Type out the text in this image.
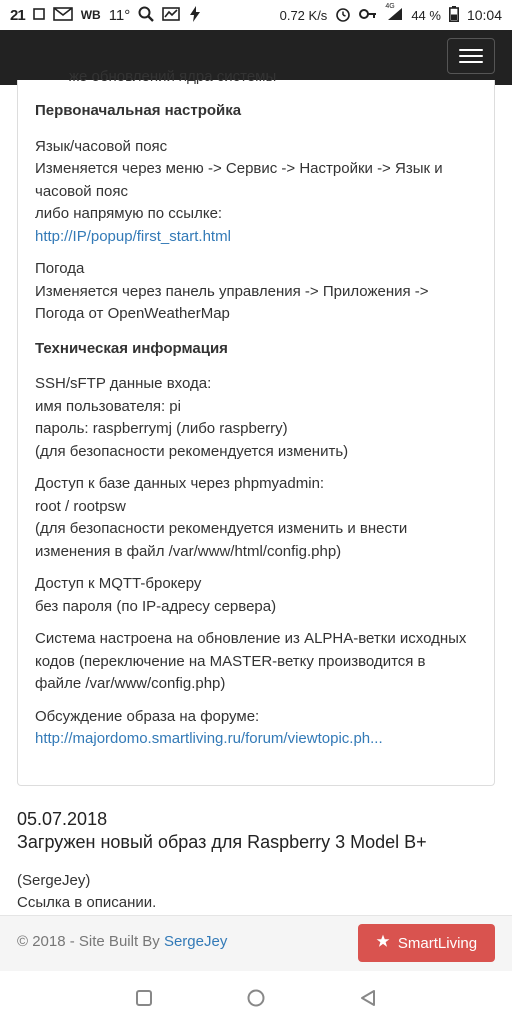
21	WB 11°	0.72 K/s
4G
44 % 10:04
же обновлений ядра системы
Первоначальная настройка
Язык/часовой пояс
Изменяется через меню -> Сервис -> Настройки -> Язык и часовой пояс
либо напрямую по ссылке:
http://IP/popup/first_start.html
Погода
Изменяется через панель управления -> Приложения -> Погода от OpenWeatherMap
Техническая информация
SSH/sFTP данные входа:
имя пользователя: pi
пароль: raspberrymj (либо raspberry)
(для безопасности рекомендуется изменить)
Доступ к базе данных через phpmyadmin:
root / rootpsw
(для безопасности рекомендуется изменить и внести изменения в файл /var/www/html/config.php)
Доступ к MQTT-брокеру
без пароля (по IP-адресу сервера)
Система настроена на обновление из ALPHA-ветки исходных кодов (переключение на MASTER-ветку производится в файле /var/www/config.php)
Обсуждение образа на форуме:
http://majordomo.smartliving.ru/forum/viewtopic.ph...
05.07.2018
Загружен новый образ для Raspberry 3 Model B+
(SergeJey)
Ссылка в описании.
© 2018 - Site Built By SergeJey	SmartLiving
